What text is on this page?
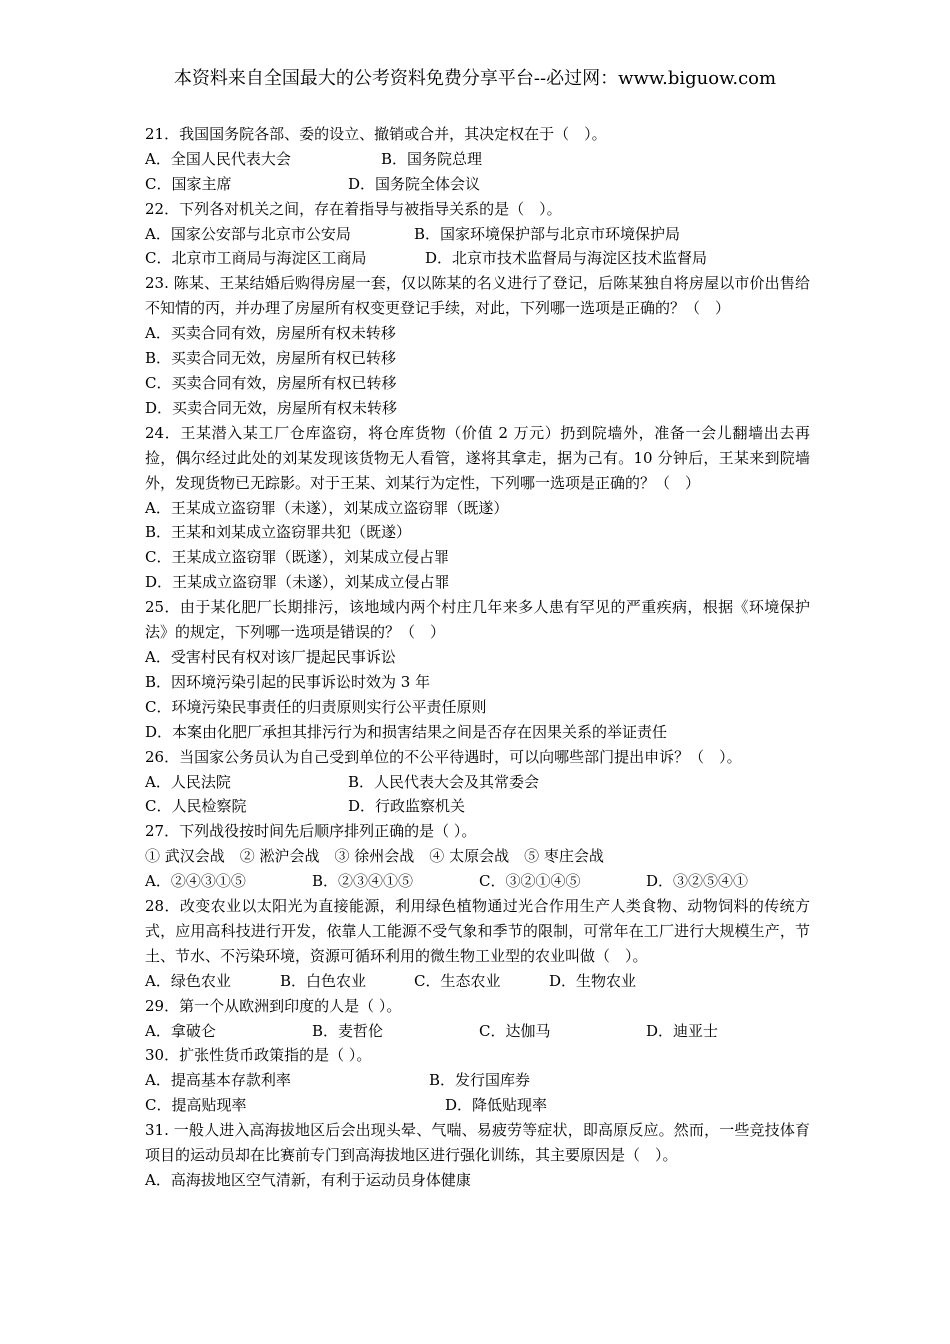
本资料来自全国最大的公考资料免费分享平台--必过网：www.biguow.com

21．我国国务院各部、委的设立、撤销或合并，其决定权在于（　）。

A．全国人民代表大会	B．国务院总理
C．国家主席	D．国务院全体会议

22．下列各对机关之间，存在着指导与被指导关系的是（　）。

A．国家公安部与北京市公安局	B．国家环境保护部与北京市环境保护局
C．北京市工商局与海淀区工商局	D．北京市技术监督局与海淀区技术监督局

23. 陈某、王某结婚后购得房屋一套，仅以陈某的名义进行了登记，后陈某独自将房屋以市价出售给不知情的丙，并办理了房屋所有权变更登记手续，对此，下列哪一选项是正确的？（　）

A．买卖合同有效，房屋所有权未转移

B．买卖合同无效，房屋所有权已转移

C．买卖合同有效，房屋所有权已转移

D．买卖合同无效，房屋所有权未转移

24．王某潜入某工厂仓库盗窃，将仓库货物（价值 2 万元）扔到院墙外，准备一会儿翻墙出去再捡，偶尔经过此处的刘某发现该货物无人看管，遂将其拿走，据为己有。10 分钟后，王某来到院墙外，发现货物已无踪影。对于王某、刘某行为定性，下列哪一选项是正确的？（　）

A．王某成立盗窃罪（未遂），刘某成立盗窃罪（既遂）

B．王某和刘某成立盗窃罪共犯（既遂）

C．王某成立盗窃罪（既遂），刘某成立侵占罪

D．王某成立盗窃罪（未遂），刘某成立侵占罪

25．由于某化肥厂长期排污，该地域内两个村庄几年来多人患有罕见的严重疾病，根据《环境保护法》的规定，下列哪一选项是错误的？（　）

A．受害村民有权对该厂提起民事诉讼

B．因环境污染引起的民事诉讼时效为 3 年

C．环境污染民事责任的归责原则实行公平责任原则

D．本案由化肥厂承担其排污行为和损害结果之间是否存在因果关系的举证责任

26．当国家公务员认为自己受到单位的不公平待遇时，可以向哪些部门提出申诉？（　）。

A．人民法院	B．人民代表大会及其常委会
C．人民检察院	D．行政监察机关

27．下列战役按时间先后顺序排列正确的是（ ）。

① 武汉会战　② 淞沪会战　③ 徐州会战　④ 太原会战　⑤ 枣庄会战

A．②④③①⑤	B．②③④①⑤	C．③②①④⑤	D．③②⑤④①

28．改变农业以太阳光为直接能源，利用绿色植物通过光合作用生产人类食物、动物饲料的传统方式，应用高科技进行开发，依靠人工能源不受气象和季节的限制，可常年在工厂进行大规模生产，节土、节水、不污染环境，资源可循环利用的微生物工业型的农业叫做（　）。

A．绿色农业	B．白色农业	C．生态农业	D．生物农业

29．第一个从欧洲到印度的人是（ ）。

A．拿破仑	B．麦哲伦	C．达伽马	D．迪亚士

30．扩张性货币政策指的是（ ）。

A．提高基本存款利率	B．发行国库券
C．提高贴现率	D．降低贴现率

31. 一般人进入高海拔地区后会出现头晕、气喘、易疲劳等症状，即高原反应。然而，一些竞技体育项目的运动员却在比赛前专门到高海拔地区进行强化训练，其主要原因是（　）。

A．高海拔地区空气清新，有利于运动员身体健康
